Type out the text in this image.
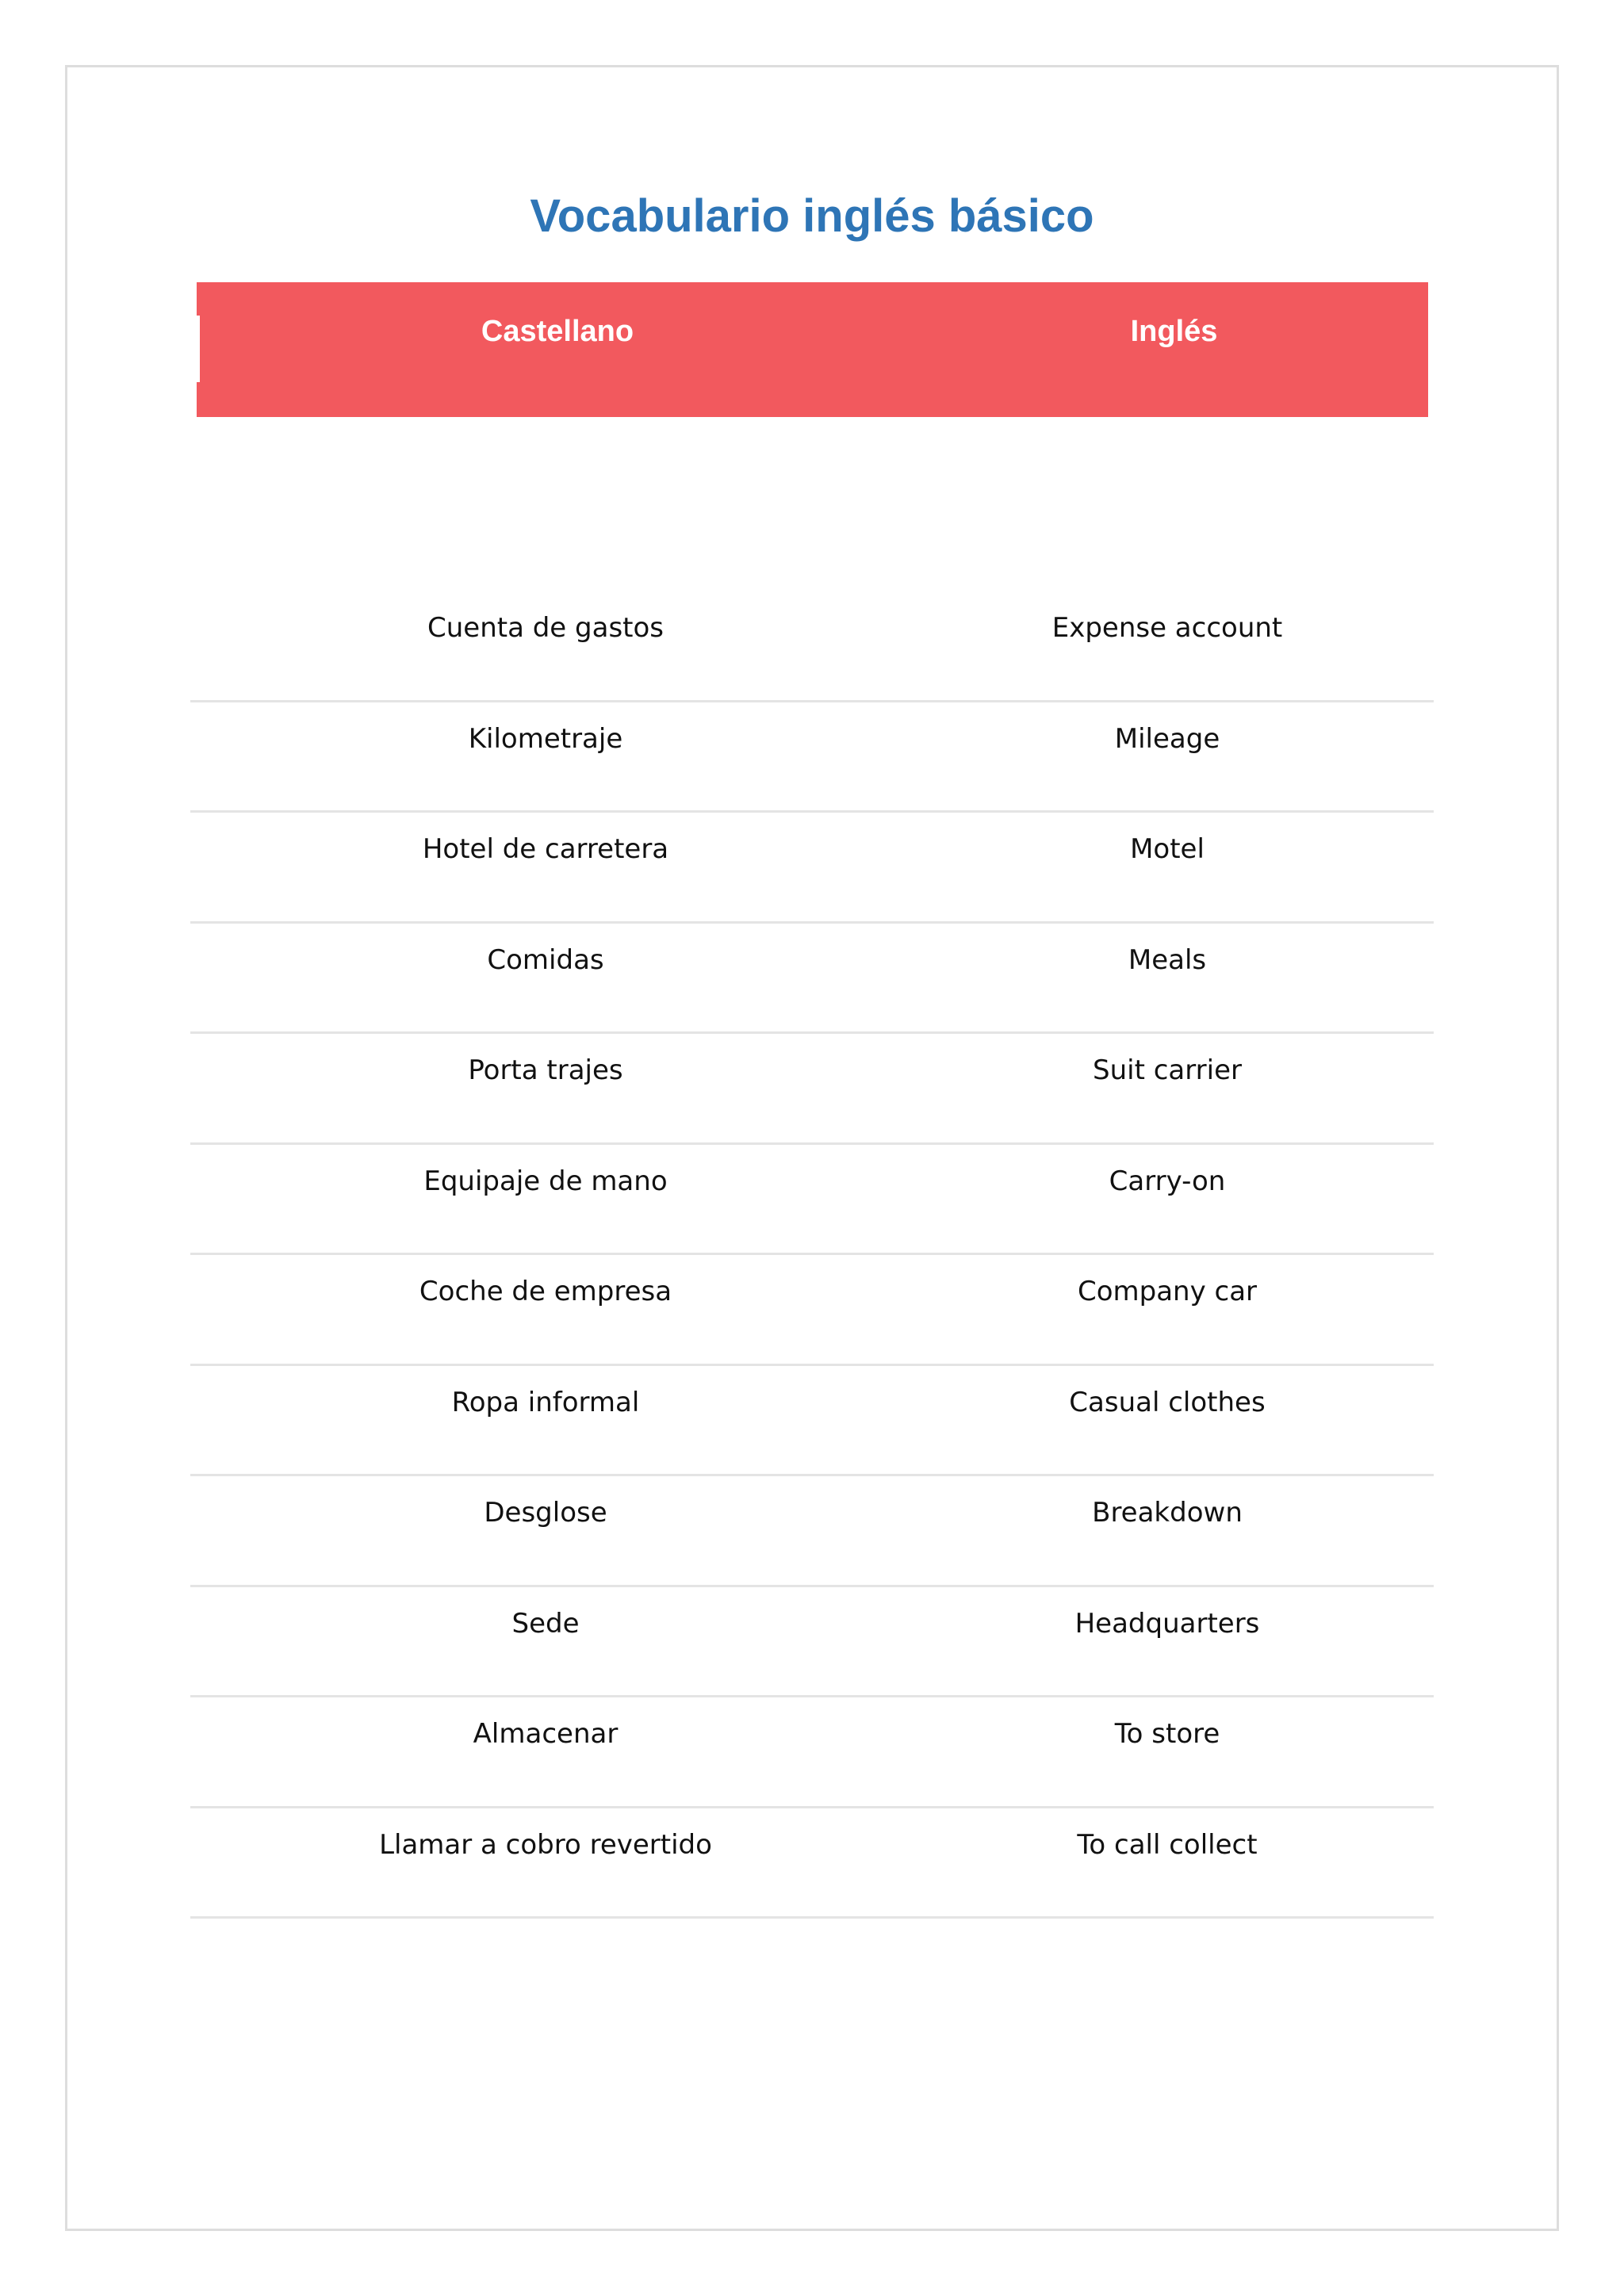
Vocabulario inglés básico
Castellano	Inglés
Cuenta de gastos	Expense account
Kilometraje	Mileage
Hotel de carretera	Motel
Comidas	Meals
Porta trajes	Suit carrier
Equipaje de mano	Carry-on
Coche de empresa	Company car
Ropa informal	Casual clothes
Desglose	Breakdown
Sede	Headquarters
Almacenar	To store
Llamar a cobro revertido	To call collect
